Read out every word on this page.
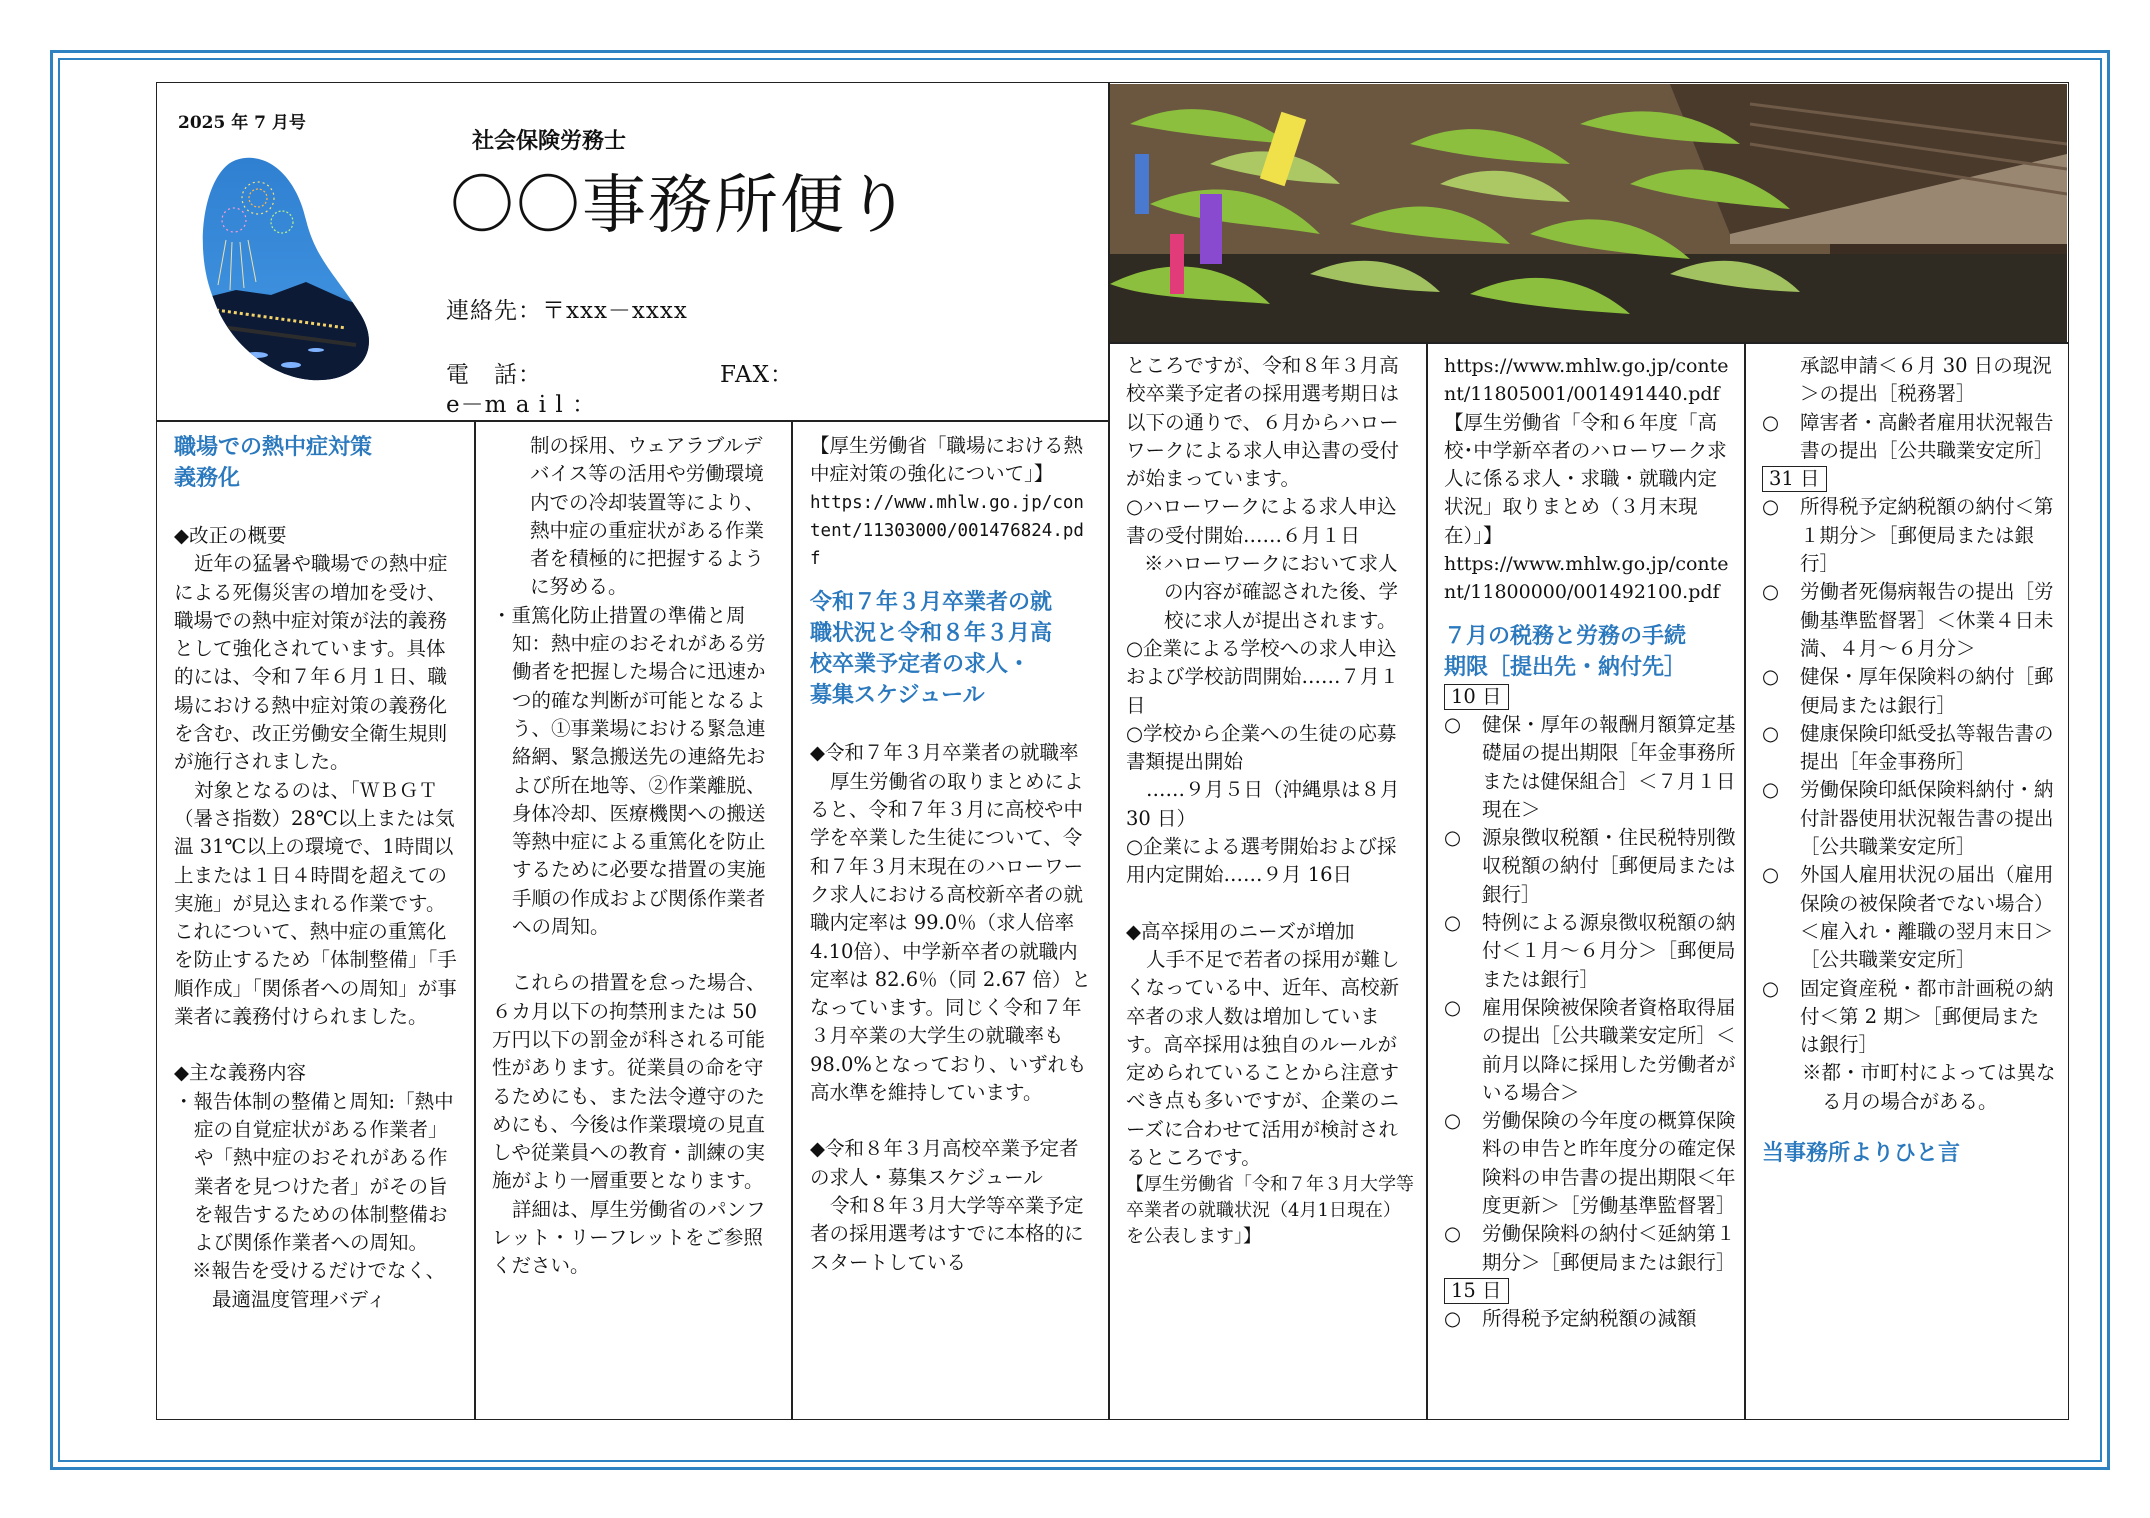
2025 年 7 月号
社会保険労務士
〇〇事務所便り
連絡先：〒xxx－xxxx
電　話：	FAX：
e－m a i l ：

職場での熱中症対策

義務化

◆改正の概要

近年の猛暑や職場での熱中症による死傷災害の増加を受け、職場での熱中症対策が法的義務として強化されています。具体的には、令和７年６月１日、職場における熱中症対策の義務化を含む、改正労働安全衛生規則が施行されました。

対象となるのは、「ＷＢＧＴ（暑さ指数）28℃以上または気温 31℃以上の環境で、1時間以上または１日４時間を超えての実施」が見込まれる作業です。これについて、熱中症の重篤化を防止するため「体制整備」「手順作成」「関係者への周知」が事業者に義務付けられました。

◆主な義務内容

・報告体制の整備と周知:「熱中症の自覚症状がある作業者」や「熱中症のおそれがある作業者を見つけた者」がその旨を報告するための体制整備および関係作業者への周知。

※報告を受けるだけでなく、最適温度管理バディ

制の採用、ウェアラブルデバイス等の活用や労働環境内での冷却装置等により、熱中症の重症状がある作業者を積極的に把握するように努める。

・重篤化防止措置の準備と周知：熱中症のおそれがある労働者を把握した場合に迅速かつ的確な判断が可能となるよう、①事業場における緊急連絡網、緊急搬送先の連絡先および所在地等、②作業離脱、身体冷却、医療機関への搬送等熱中症による重篤化を防止するために必要な措置の実施手順の作成および関係作業者への周知。

これらの措置を怠った場合、６カ月以下の拘禁刑または 50 万円以下の罰金が科される可能性があります。従業員の命を守るためにも、また法令遵守のためにも、今後は作業環境の見直しや従業員への教育・訓練の実施がより一層重要となります。

詳細は、厚生労働省のパンフレット・リーフレットをご参照ください。

【厚生労働省「職場における熱中症対策の強化について」】

https://www.mhlw.go.jp/content/11303000/001476824.pdf

令和７年３月卒業者の就

職状況と令和８年３月高

校卒業予定者の求人・

募集スケジュール

◆令和７年３月卒業者の就職率

厚生労働省の取りまとめによると、令和７年３月に高校や中学を卒業した生徒について、令和７年３月末現在のハローワーク求人における高校新卒者の就職内定率は 99.0％（求人倍率 4.10倍）、中学新卒者の就職内定率は 82.6％（同 2.67 倍）となっています。同じく令和７年３月卒業の大学生の就職率も 98.0%となっており、いずれも高水準を維持しています。

◆令和８年３月高校卒業予定者の求人・募集スケジュール

令和８年３月大学等卒業予定者の採用選考はすでに本格的にスタートしている

ところですが、令和８年３月高校卒業予定者の採用選考期日は以下の通りで、６月からハローワークによる求人申込書の受付が始まっています。

○ハローワークによる求人申込書の受付開始……６月１日

※ハローワークにおいて求人の内容が確認された後、学校に求人が提出されます。

○企業による学校への求人申込および学校訪問開始……７月１日

○学校から企業への生徒の応募書類提出開始

……９月５日（沖縄県は８月 30 日）

○企業による選考開始および採用内定開始……９月 16日

◆高卒採用のニーズが増加

人手不足で若者の採用が難しくなっている中、近年、高校新卒者の求人数は増加しています。高卒採用は独自のルールが定められていることから注意すべき点も多いですが、企業のニーズに合わせて活用が検討されるところです。

【厚生労働省「令和７年３月大学等卒業者の就職状況（4月1日現在）を公表します」】

https://www.mhlw.go.jp/content/11805001/001491440.pdf

【厚生労働省「令和６年度「高校･中学新卒者のハローワーク求人に係る求人・求職・就職内定状況」取りまとめ（３月末現在）」】

https://www.mhlw.go.jp/content/11800000/001492100.pdf

７月の税務と労務の手続

期限［提出先・納付先］

10 日

○	健保・厚年の報酬月額算定基礎届の提出期限［年金事務所または健保組合］＜７月１日現在＞
○	源泉徴収税額・住民税特別徴収税額の納付［郵便局または銀行］
○	特例による源泉徴収税額の納付＜１月～６月分＞［郵便局または銀行］
○	雇用保険被保険者資格取得届の提出［公共職業安定所］＜前月以降に採用した労働者がいる場合＞
○	労働保険の今年度の概算保険料の申告と昨年度分の確定保険料の申告書の提出期限＜年度更新＞［労働基準監督署］
○	労働保険料の納付＜延納第１期分＞［郵便局または銀行］

15 日

○	所得税予定納税額の減額

承認申請＜６月 30 日の現況＞の提出［税務署］

○	障害者・高齢者雇用状況報告書の提出［公共職業安定所］

31 日

○	所得税予定納税額の納付＜第１期分＞［郵便局または銀行］
○	労働者死傷病報告の提出［労働基準監督署］＜休業４日未満、４月～６月分＞
○	健保・厚年保険料の納付［郵便局または銀行］
○	健康保険印紙受払等報告書の提出［年金事務所］
○	労働保険印紙保険料納付・納付計器使用状況報告書の提出［公共職業安定所］
○	外国人雇用状況の届出（雇用保険の被保険者でない場合）＜雇入れ・離職の翌月末日＞［公共職業安定所］
○	固定資産税・都市計画税の納付＜第 2 期＞［郵便局または銀行］

※都・市町村によっては異なる月の場合がある。

当事務所よりひと言
